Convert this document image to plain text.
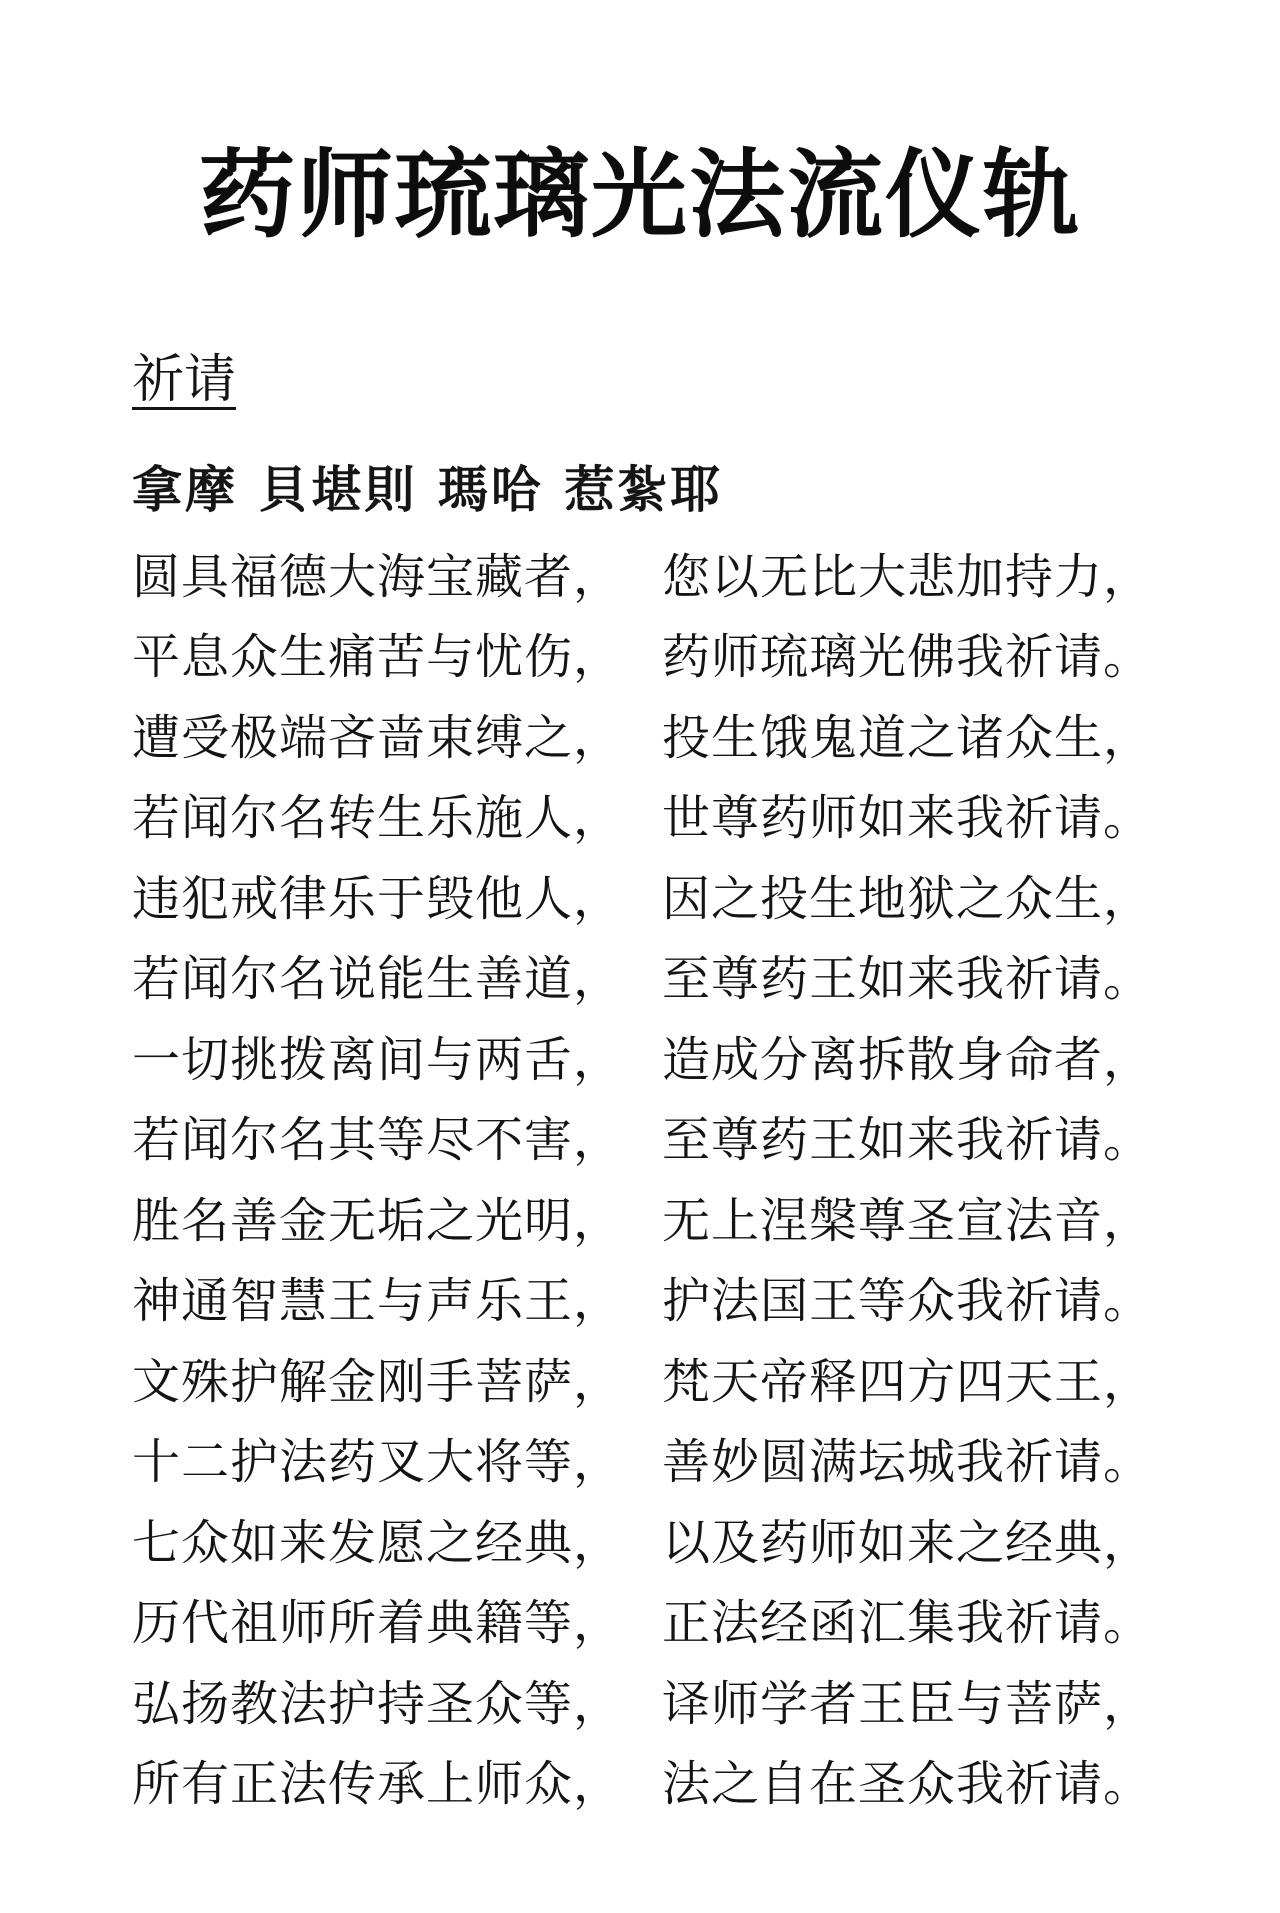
药师琉璃光法流仪轨
祈请
拿摩 貝堪則 瑪哈 惹紮耶
圆具福德大海宝藏者， 您以无比大悲加持力，
平息众生痛苦与忧伤， 药师琉璃光佛我祈请。
遭受极端吝啬束缚之， 投生饿鬼道之诸众生，
若闻尔名转生乐施人， 世尊药师如来我祈请。
违犯戒律乐于毁他人， 因之投生地狱之众生，
若闻尔名说能生善道， 至尊药王如来我祈请。
一切挑拨离间与两舌， 造成分离拆散身命者，
若闻尔名其等尽不害， 至尊药王如来我祈请。
胜名善金无垢之光明， 无上涅槃尊圣宣法音，
神通智慧王与声乐王， 护法国王等众我祈请。
文殊护解金刚手菩萨， 梵天帝释四方四天王，
十二护法药叉大将等， 善妙圆满坛城我祈请。
七众如来发愿之经典， 以及药师如来之经典，
历代祖师所着典籍等， 正法经函汇集我祈请。
弘扬教法护持圣众等， 译师学者王臣与菩萨，
所有正法传承上师众， 法之自在圣众我祈请。
